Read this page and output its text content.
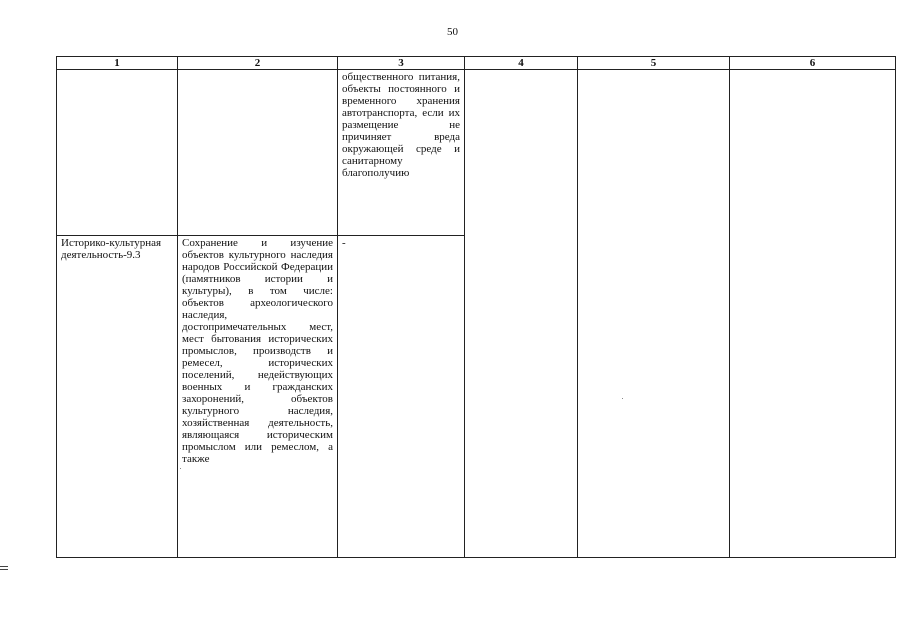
50
1	2	3	4	5	6

		общественного питания, объекты постоянного и временного хранения автотранспорта, если их размещение не причиняет вреда окружающей среде и санитарному благополучию			

Историко-культурная деятельность-9.3	Сохранение и изучение объектов культурного наследия народов Российской Федерации (памятников истории и культуры), в том числе: объектов археологического наследия, достопримечательных мест, мест бытования исторических промыслов, производств и ремесел, исторических поселений, недействующих военных и гражданских захоронений, объектов культурного наследия, хозяйственная деятельность, являющаяся историческим промыслом или ремеслом, а также	-			
